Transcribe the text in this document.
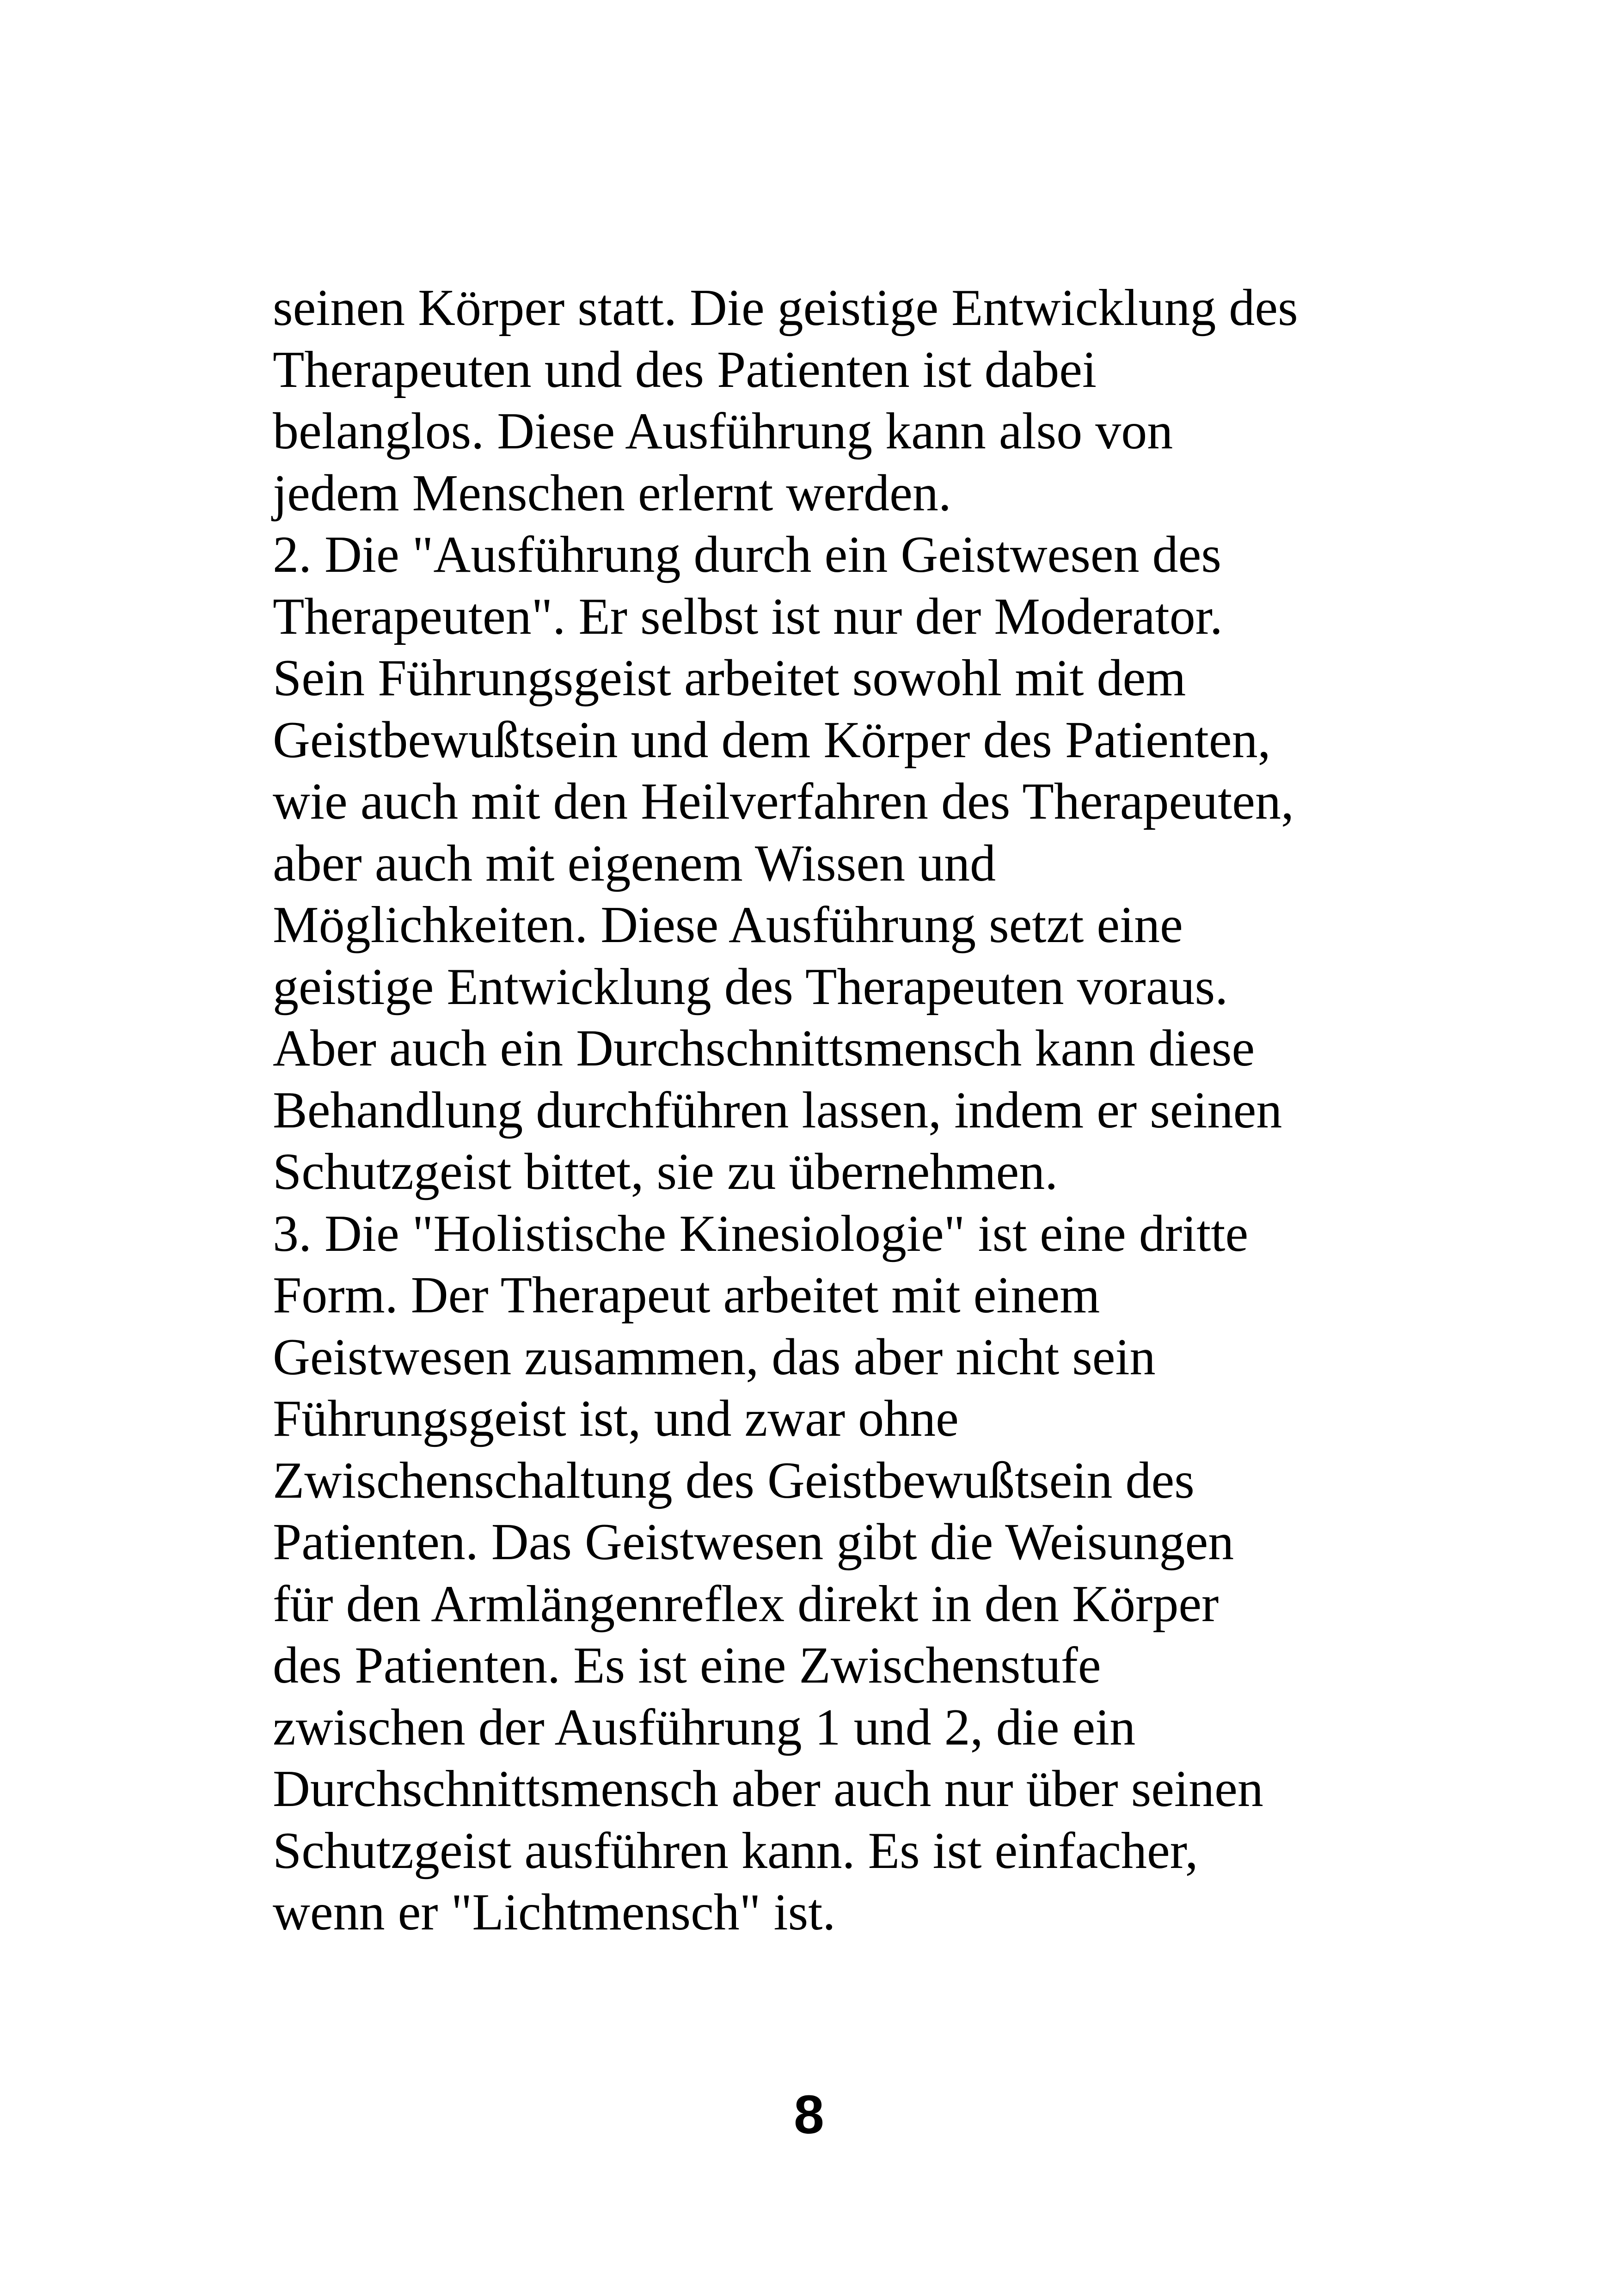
seinen Körper statt. Die geistige Entwicklung des
Therapeuten und des Patienten ist dabei
belanglos. Diese Ausführung kann also von
jedem Menschen erlernt werden.
2. Die "Ausführung durch ein Geistwesen des
Therapeuten". Er selbst ist nur der Moderator.
Sein Führungsgeist arbeitet sowohl mit dem
Geistbewußtsein und dem Körper des Patienten,
wie auch mit den Heilverfahren des Therapeuten,
aber auch mit eigenem Wissen und
Möglichkeiten. Diese Ausführung setzt eine
geistige Entwicklung des Therapeuten voraus.
Aber auch ein Durchschnittsmensch kann diese
Behandlung durchführen lassen, indem er seinen
Schutzgeist bittet, sie zu übernehmen.
3. Die "Holistische Kinesiologie" ist eine dritte
Form. Der Therapeut arbeitet mit einem
Geistwesen zusammen, das aber nicht sein
Führungsgeist ist, und zwar ohne
Zwischenschaltung des Geistbewußtsein des
Patienten. Das Geistwesen gibt die Weisungen
für den Armlängenreflex direkt in den Körper
des Patienten. Es ist eine Zwischenstufe
zwischen der Ausführung 1 und 2, die ein
Durchschnittsmensch aber auch nur über seinen
Schutzgeist ausführen kann. Es ist einfacher,
wenn er "Lichtmensch" ist.
8
